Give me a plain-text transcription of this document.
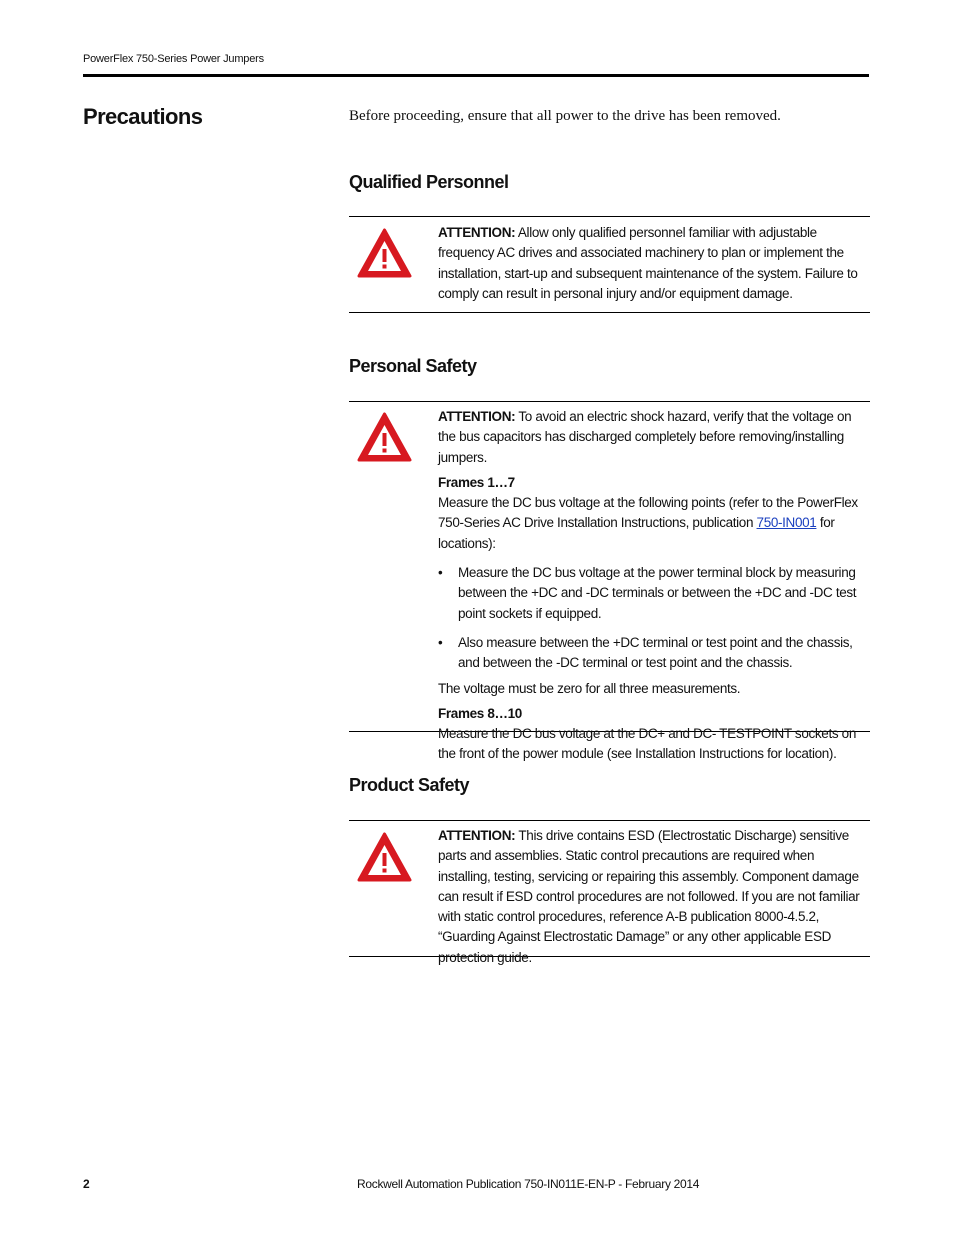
PowerFlex 750-Series Power Jumpers
Precautions	Before proceeding, ensure that all power to the drive has been removed.

Qualified Personnel

ATTENTION: Allow only qualified personnel familiar with adjustable frequency AC drives and associated machinery to plan or implement the installation, start-up and subsequent maintenance of the system. Failure to comply can result in personal injury and/or equipment damage.

Personal Safety

ATTENTION: To avoid an electric shock hazard, verify that the voltage on the bus capacitors has discharged completely before removing/installing jumpers.

Frames 1…7

Measure the DC bus voltage at the following points (refer to the PowerFlex 750-Series AC Drive Installation Instructions, publication 750-IN001 for locations):

• Measure the DC bus voltage at the power terminal block by measuring between the +DC and -DC terminals or between the +DC and -DC test point sockets if equipped.
• Also measure between the +DC terminal or test point and the chassis, and between the -DC terminal or test point and the chassis.

The voltage must be zero for all three measurements.

Frames 8…10

Measure the DC bus voltage at the DC+ and DC- TESTPOINT sockets on the front of the power module (see Installation Instructions for location).

Product Safety

ATTENTION: This drive contains ESD (Electrostatic Discharge) sensitive parts and assemblies. Static control precautions are required when installing, testing, servicing or repairing this assembly. Component damage can result if ESD control procedures are not followed. If you are not familiar with static control procedures, reference A-B publication 8000-4.5.2, “Guarding Against Electrostatic Damage” or any other applicable ESD protection guide.

2	Rockwell Automation Publication 750-IN011E-EN-P - February 2014
